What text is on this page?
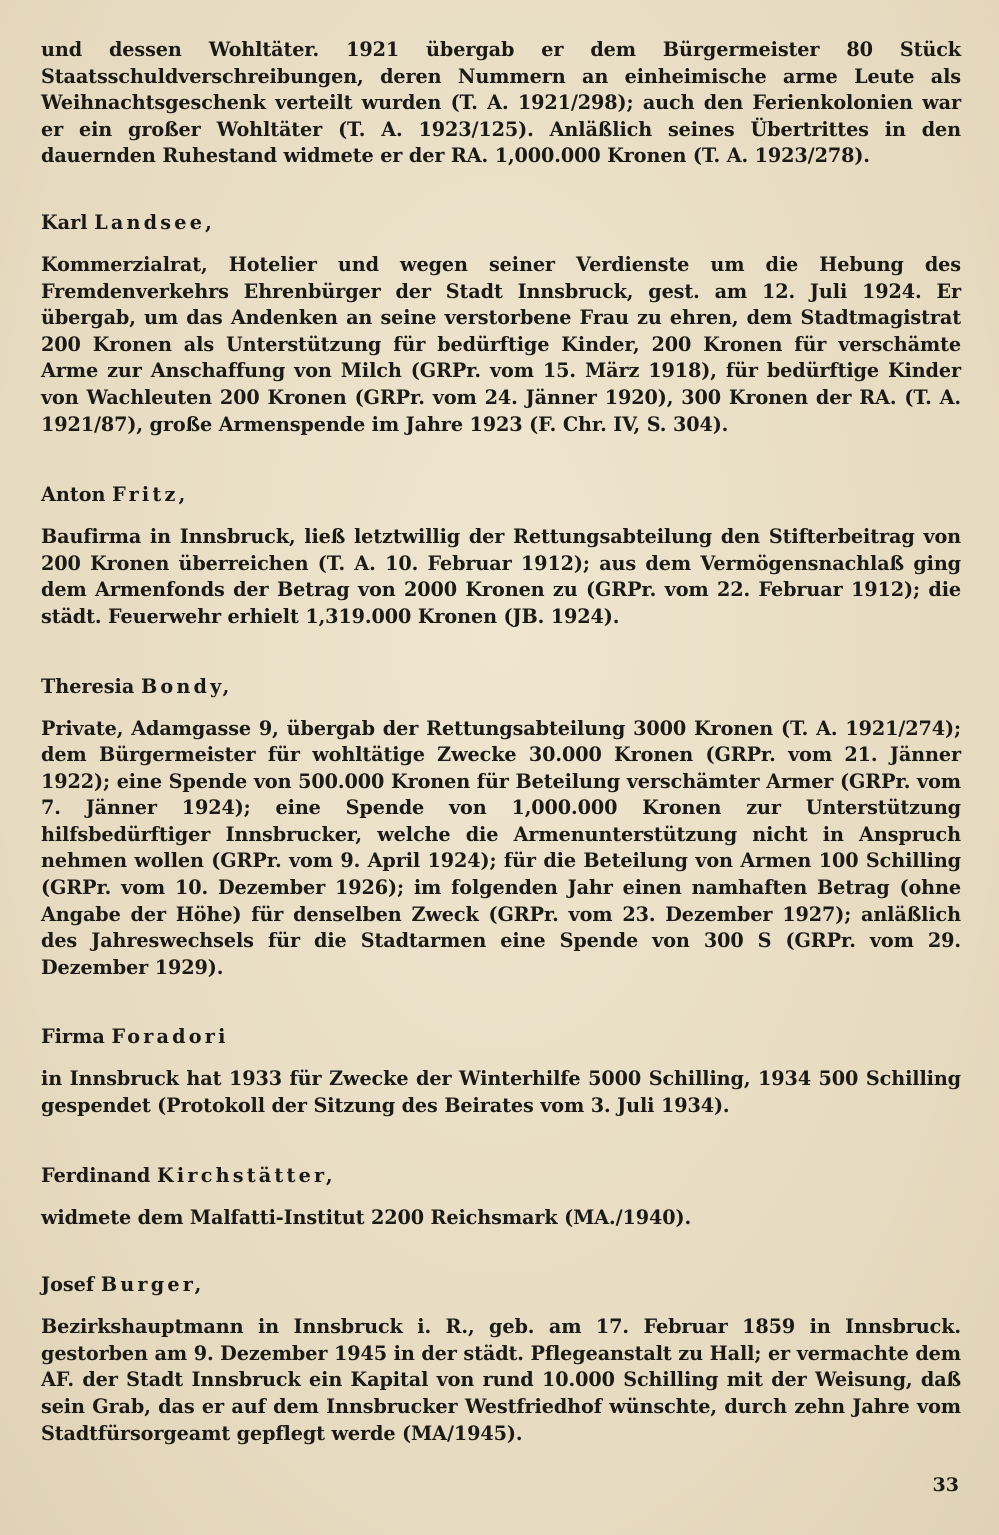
und dessen Wohltäter. 1921 übergab er dem Bürgermeister 80 Stück Staatsschuldverschreibungen, deren Nummern an einheimische arme Leute als Weihnachtsgeschenk verteilt wurden (T. A. 1921/298); auch den Ferienkolonien war er ein großer Wohltäter (T. A. 1923/125). Anläßlich seines Übertrittes in den dauernden Ruhestand widmete er der RA. 1,000.000 Kronen (T. A. 1923/278).

Karl Landsee,

Kommerzialrat, Hotelier und wegen seiner Verdienste um die Hebung des Fremdenverkehrs Ehrenbürger der Stadt Innsbruck, gest. am 12. Juli 1924. Er übergab, um das Andenken an seine verstorbene Frau zu ehren, dem Stadtmagistrat 200 Kronen als Unterstützung für bedürftige Kinder, 200 Kronen für verschämte Arme zur Anschaffung von Milch (GRPr. vom 15. März 1918), für bedürftige Kinder von Wachleuten 200 Kronen (GRPr. vom 24. Jänner 1920), 300 Kronen der RA. (T. A. 1921/87), große Armenspende im Jahre 1923 (F. Chr. IV, S. 304).

Anton Fritz,

Baufirma in Innsbruck, ließ letztwillig der Rettungsabteilung den Stifterbeitrag von 200 Kronen überreichen (T. A. 10. Februar 1912); aus dem Vermögensnachlaß ging dem Armenfonds der Betrag von 2000 Kronen zu (GRPr. vom 22. Februar 1912); die städt. Feuerwehr erhielt 1,319.000 Kronen (JB. 1924).

Theresia Bondy,

Private, Adamgasse 9, übergab der Rettungsabteilung 3000 Kronen (T. A. 1921/274); dem Bürgermeister für wohltätige Zwecke 30.000 Kronen (GRPr. vom 21. Jänner 1922); eine Spende von 500.000 Kronen für Beteilung verschämter Armer (GRPr. vom 7. Jänner 1924); eine Spende von 1,000.000 Kronen zur Unterstützung hilfsbedürftiger Innsbrucker, welche die Armenunterstützung nicht in Anspruch nehmen wollen (GRPr. vom 9. April 1924); für die Beteilung von Armen 100 Schilling (GRPr. vom 10. Dezember 1926); im folgenden Jahr einen namhaften Betrag (ohne Angabe der Höhe) für denselben Zweck (GRPr. vom 23. Dezember 1927); anläßlich des Jahreswechsels für die Stadtarmen eine Spende von 300 S (GRPr. vom 29. Dezember 1929).

Firma Foradori

in Innsbruck hat 1933 für Zwecke der Winterhilfe 5000 Schilling, 1934 500 Schilling gespendet (Protokoll der Sitzung des Beirates vom 3. Juli 1934).

Ferdinand Kirchstätter,

widmete dem Malfatti-Institut 2200 Reichsmark (MA./1940).

Josef Burger,

Bezirkshauptmann in Innsbruck i. R., geb. am 17. Februar 1859 in Innsbruck. gestorben am 9. Dezember 1945 in der städt. Pflegeanstalt zu Hall; er vermachte dem AF. der Stadt Innsbruck ein Kapital von rund 10.000 Schilling mit der Weisung, daß sein Grab, das er auf dem Innsbrucker Westfriedhof wünschte, durch zehn Jahre vom Stadtfürsorgeamt gepflegt werde (MA/1945).

33
